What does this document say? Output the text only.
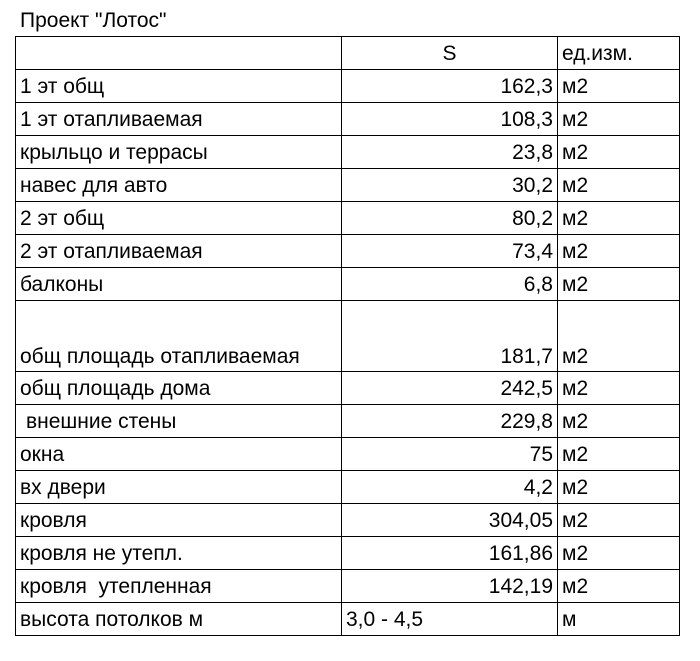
Проект "Лотос"
	S	ед.изм.
1 эт общ	162,3	м2
1 эт отапливаемая	108,3	м2
крыльцо и террасы	23,8	м2
навес для авто	30,2	м2
2 эт общ	80,2	м2
2 эт отапливаемая	73,4	м2
балконы	6,8	м2
общ площадь отапливаемая	181,7	м2
общ площадь дома	242,5	м2
внешние стены	229,8	м2
окна	75	м2
вх двери	4,2	м2
кровля	304,05	м2
кровля не утепл.	161,86	м2
кровля  утепленная	142,19	м2
высота потолков м	3,0 - 4,5	м
